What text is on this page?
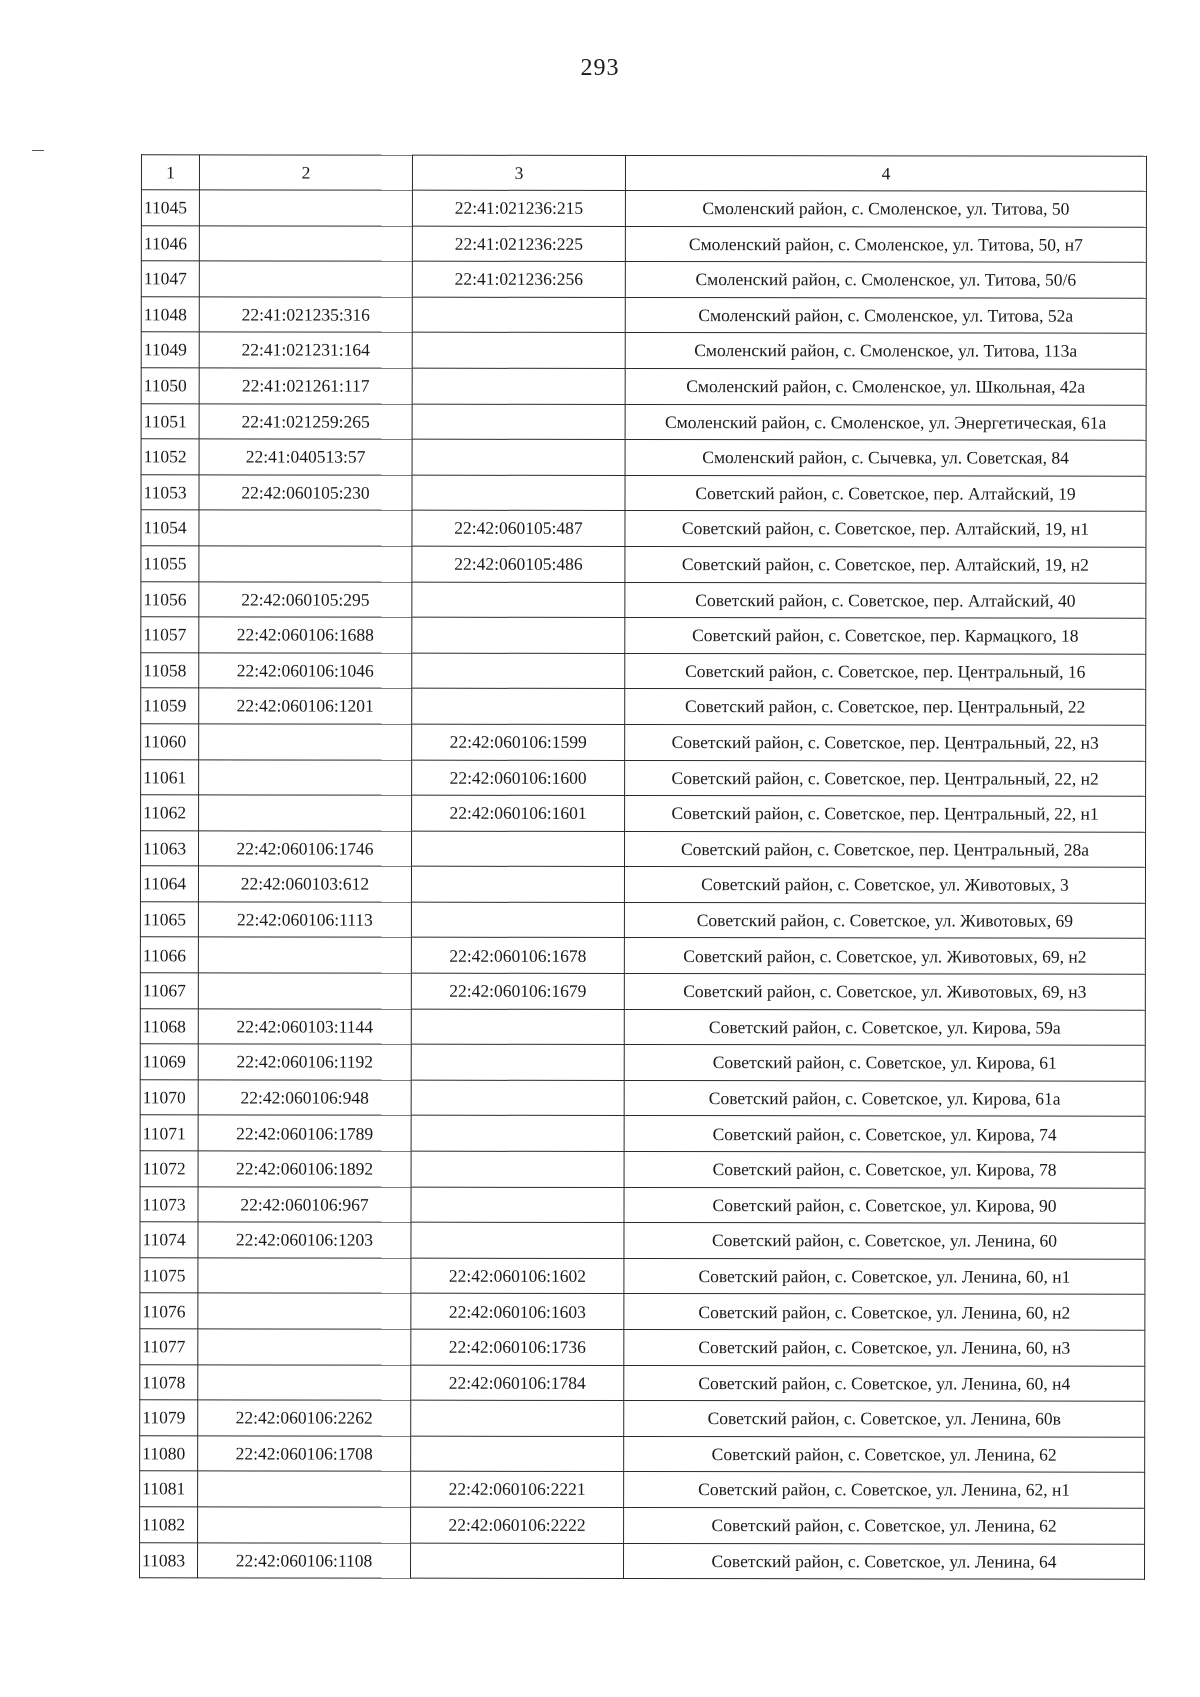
293
1	2	3	4
11045		22:41:021236:215	Смоленский район, с. Смоленское, ул. Титова, 50
11046		22:41:021236:225	Смоленский район, с. Смоленское, ул. Титова, 50, н7
11047		22:41:021236:256	Смоленский район, с. Смоленское, ул. Титова, 50/6
11048	22:41:021235:316		Смоленский район, с. Смоленское, ул. Титова, 52а
11049	22:41:021231:164		Смоленский район, с. Смоленское, ул. Титова, 113а
11050	22:41:021261:117		Смоленский район, с. Смоленское, ул. Школьная, 42а
11051	22:41:021259:265		Смоленский район, с. Смоленское, ул. Энергетическая, 61а
11052	22:41:040513:57		Смоленский район, с. Сычевка, ул. Советская, 84
11053	22:42:060105:230		Советский район, с. Советское, пер. Алтайский, 19
11054		22:42:060105:487	Советский район, с. Советское, пер. Алтайский, 19, н1
11055		22:42:060105:486	Советский район, с. Советское, пер. Алтайский, 19, н2
11056	22:42:060105:295		Советский район, с. Советское, пер. Алтайский, 40
11057	22:42:060106:1688		Советский район, с. Советское, пер. Кармацкого, 18
11058	22:42:060106:1046		Советский район, с. Советское, пер. Центральный, 16
11059	22:42:060106:1201		Советский район, с. Советское, пер. Центральный, 22
11060		22:42:060106:1599	Советский район, с. Советское, пер. Центральный, 22, н3
11061		22:42:060106:1600	Советский район, с. Советское, пер. Центральный, 22, н2
11062		22:42:060106:1601	Советский район, с. Советское, пер. Центральный, 22, н1
11063	22:42:060106:1746		Советский район, с. Советское, пер. Центральный, 28а
11064	22:42:060103:612		Советский район, с. Советское, ул. Животовых, 3
11065	22:42:060106:1113		Советский район, с. Советское, ул. Животовых, 69
11066		22:42:060106:1678	Советский район, с. Советское, ул. Животовых, 69, н2
11067		22:42:060106:1679	Советский район, с. Советское, ул. Животовых, 69, н3
11068	22:42:060103:1144		Советский район, с. Советское, ул. Кирова, 59а
11069	22:42:060106:1192		Советский район, с. Советское, ул. Кирова, 61
11070	22:42:060106:948		Советский район, с. Советское, ул. Кирова, 61а
11071	22:42:060106:1789		Советский район, с. Советское, ул. Кирова, 74
11072	22:42:060106:1892		Советский район, с. Советское, ул. Кирова, 78
11073	22:42:060106:967		Советский район, с. Советское, ул. Кирова, 90
11074	22:42:060106:1203		Советский район, с. Советское, ул. Ленина, 60
11075		22:42:060106:1602	Советский район, с. Советское, ул. Ленина, 60, н1
11076		22:42:060106:1603	Советский район, с. Советское, ул. Ленина, 60, н2
11077		22:42:060106:1736	Советский район, с. Советское, ул. Ленина, 60, н3
11078		22:42:060106:1784	Советский район, с. Советское, ул. Ленина, 60, н4
11079	22:42:060106:2262		Советский район, с. Советское, ул. Ленина, 60в
11080	22:42:060106:1708		Советский район, с. Советское, ул. Ленина, 62
11081		22:42:060106:2221	Советский район, с. Советское, ул. Ленина, 62, н1
11082		22:42:060106:2222	Советский район, с. Советское, ул. Ленина, 62
11083	22:42:060106:1108		Советский район, с. Советское, ул. Ленина, 64
